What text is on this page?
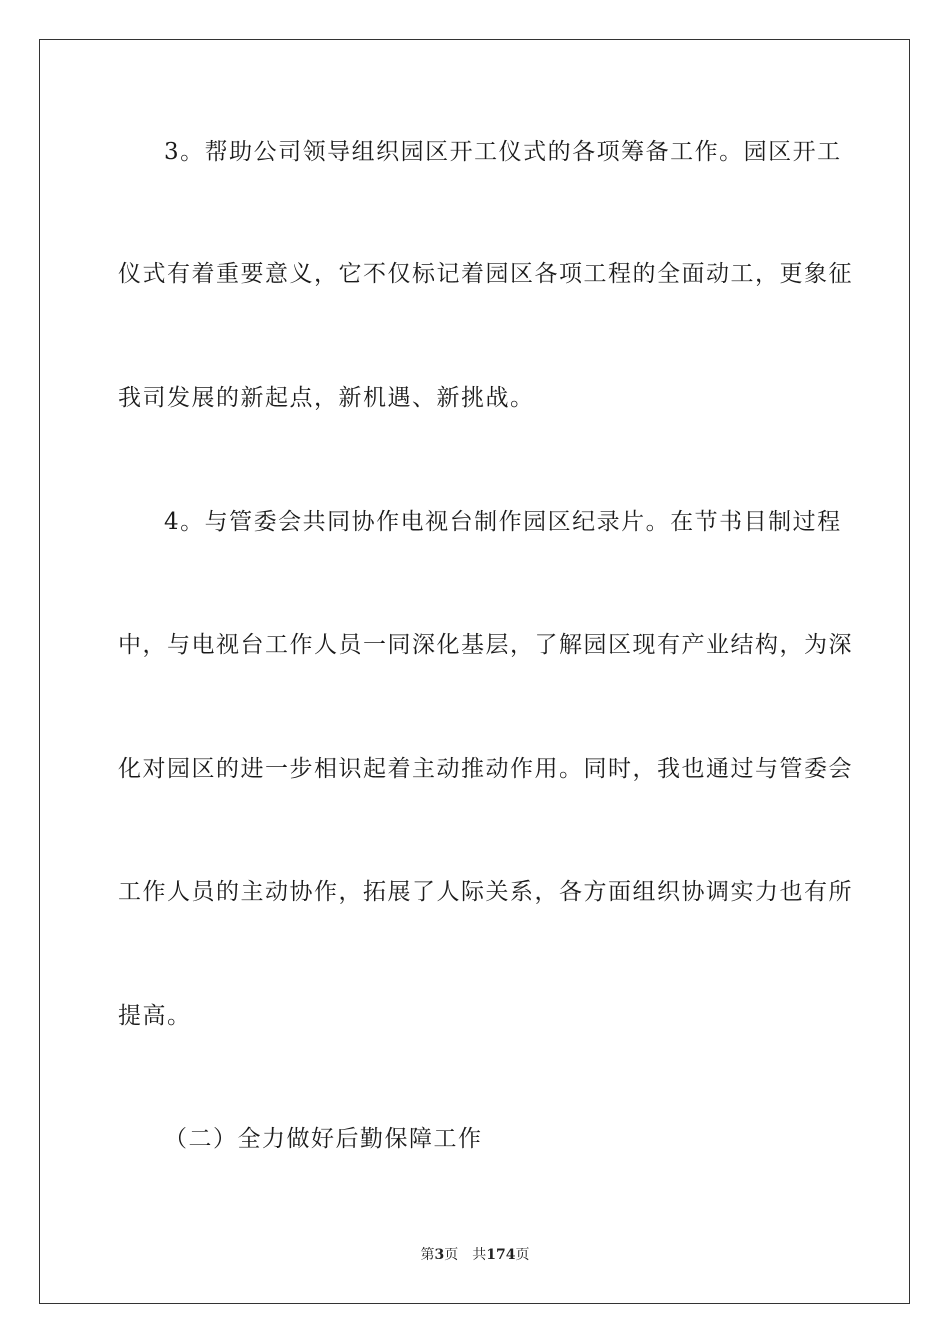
3。帮助公司领导组织园区开工仪式的各项筹备工作。园区开工
仪式有着重要意义，它不仅标记着园区各项工程的全面动工，更象征
我司发展的新起点，新机遇、新挑战。
4。与管委会共同协作电视台制作园区纪录片。在节书目制过程
中，与电视台工作人员一同深化基层，了解园区现有产业结构，为深
化对园区的进一步相识起着主动推动作用。同时，我也通过与管委会
工作人员的主动协作，拓展了人际关系，各方面组织协调实力也有所
提高。
（二）全力做好后勤保障工作
第3页 共174页
